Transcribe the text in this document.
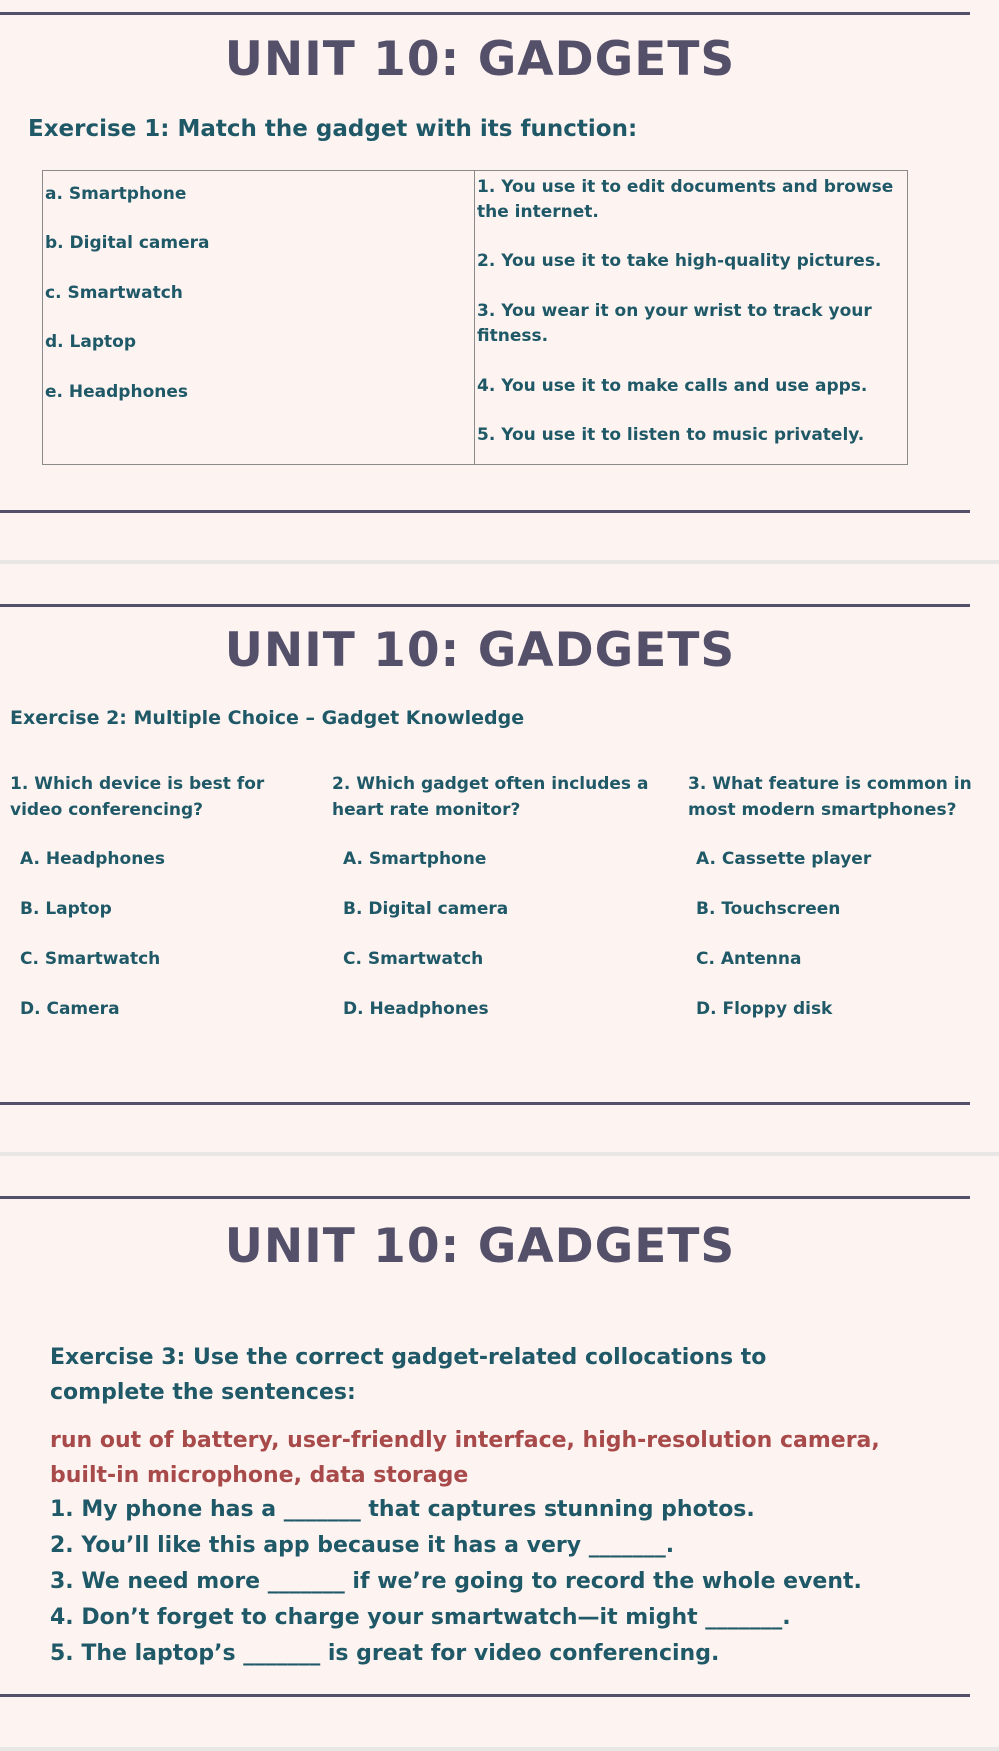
UNIT 10: GADGETS
Exercise 1: Match the gadget with its function:
a. Smartphone
b. Digital camera
c. Smartwatch
d. Laptop
e. Headphones
1. You use it to edit documents and browse the internet.
2. You use it to take high-quality pictures.
3. You wear it on your wrist to track your fitness.
4. You use it to make calls and use apps.
5. You use it to listen to music privately.
UNIT 10: GADGETS
Exercise 2: Multiple Choice – Gadget Knowledge
1. Which device is best for video conferencing?
A. Headphones
B. Laptop
C. Smartwatch
D. Camera
2. Which gadget often includes a heart rate monitor?
A. Smartphone
B. Digital camera
C. Smartwatch
D. Headphones
3. What feature is common in most modern smartphones?
A. Cassette player
B. Touchscreen
C. Antenna
D. Floppy disk
UNIT 10: GADGETS
Exercise 3: Use the correct gadget-related collocations to complete the sentences:
run out of battery, user-friendly interface, high-resolution camera, built-in microphone, data storage
1. My phone has a _______ that captures stunning photos.
2. You’ll like this app because it has a very _______.
3. We need more _______ if we’re going to record the whole event.
4. Don’t forget to charge your smartwatch—it might _______.
5. The laptop’s _______ is great for video conferencing.
